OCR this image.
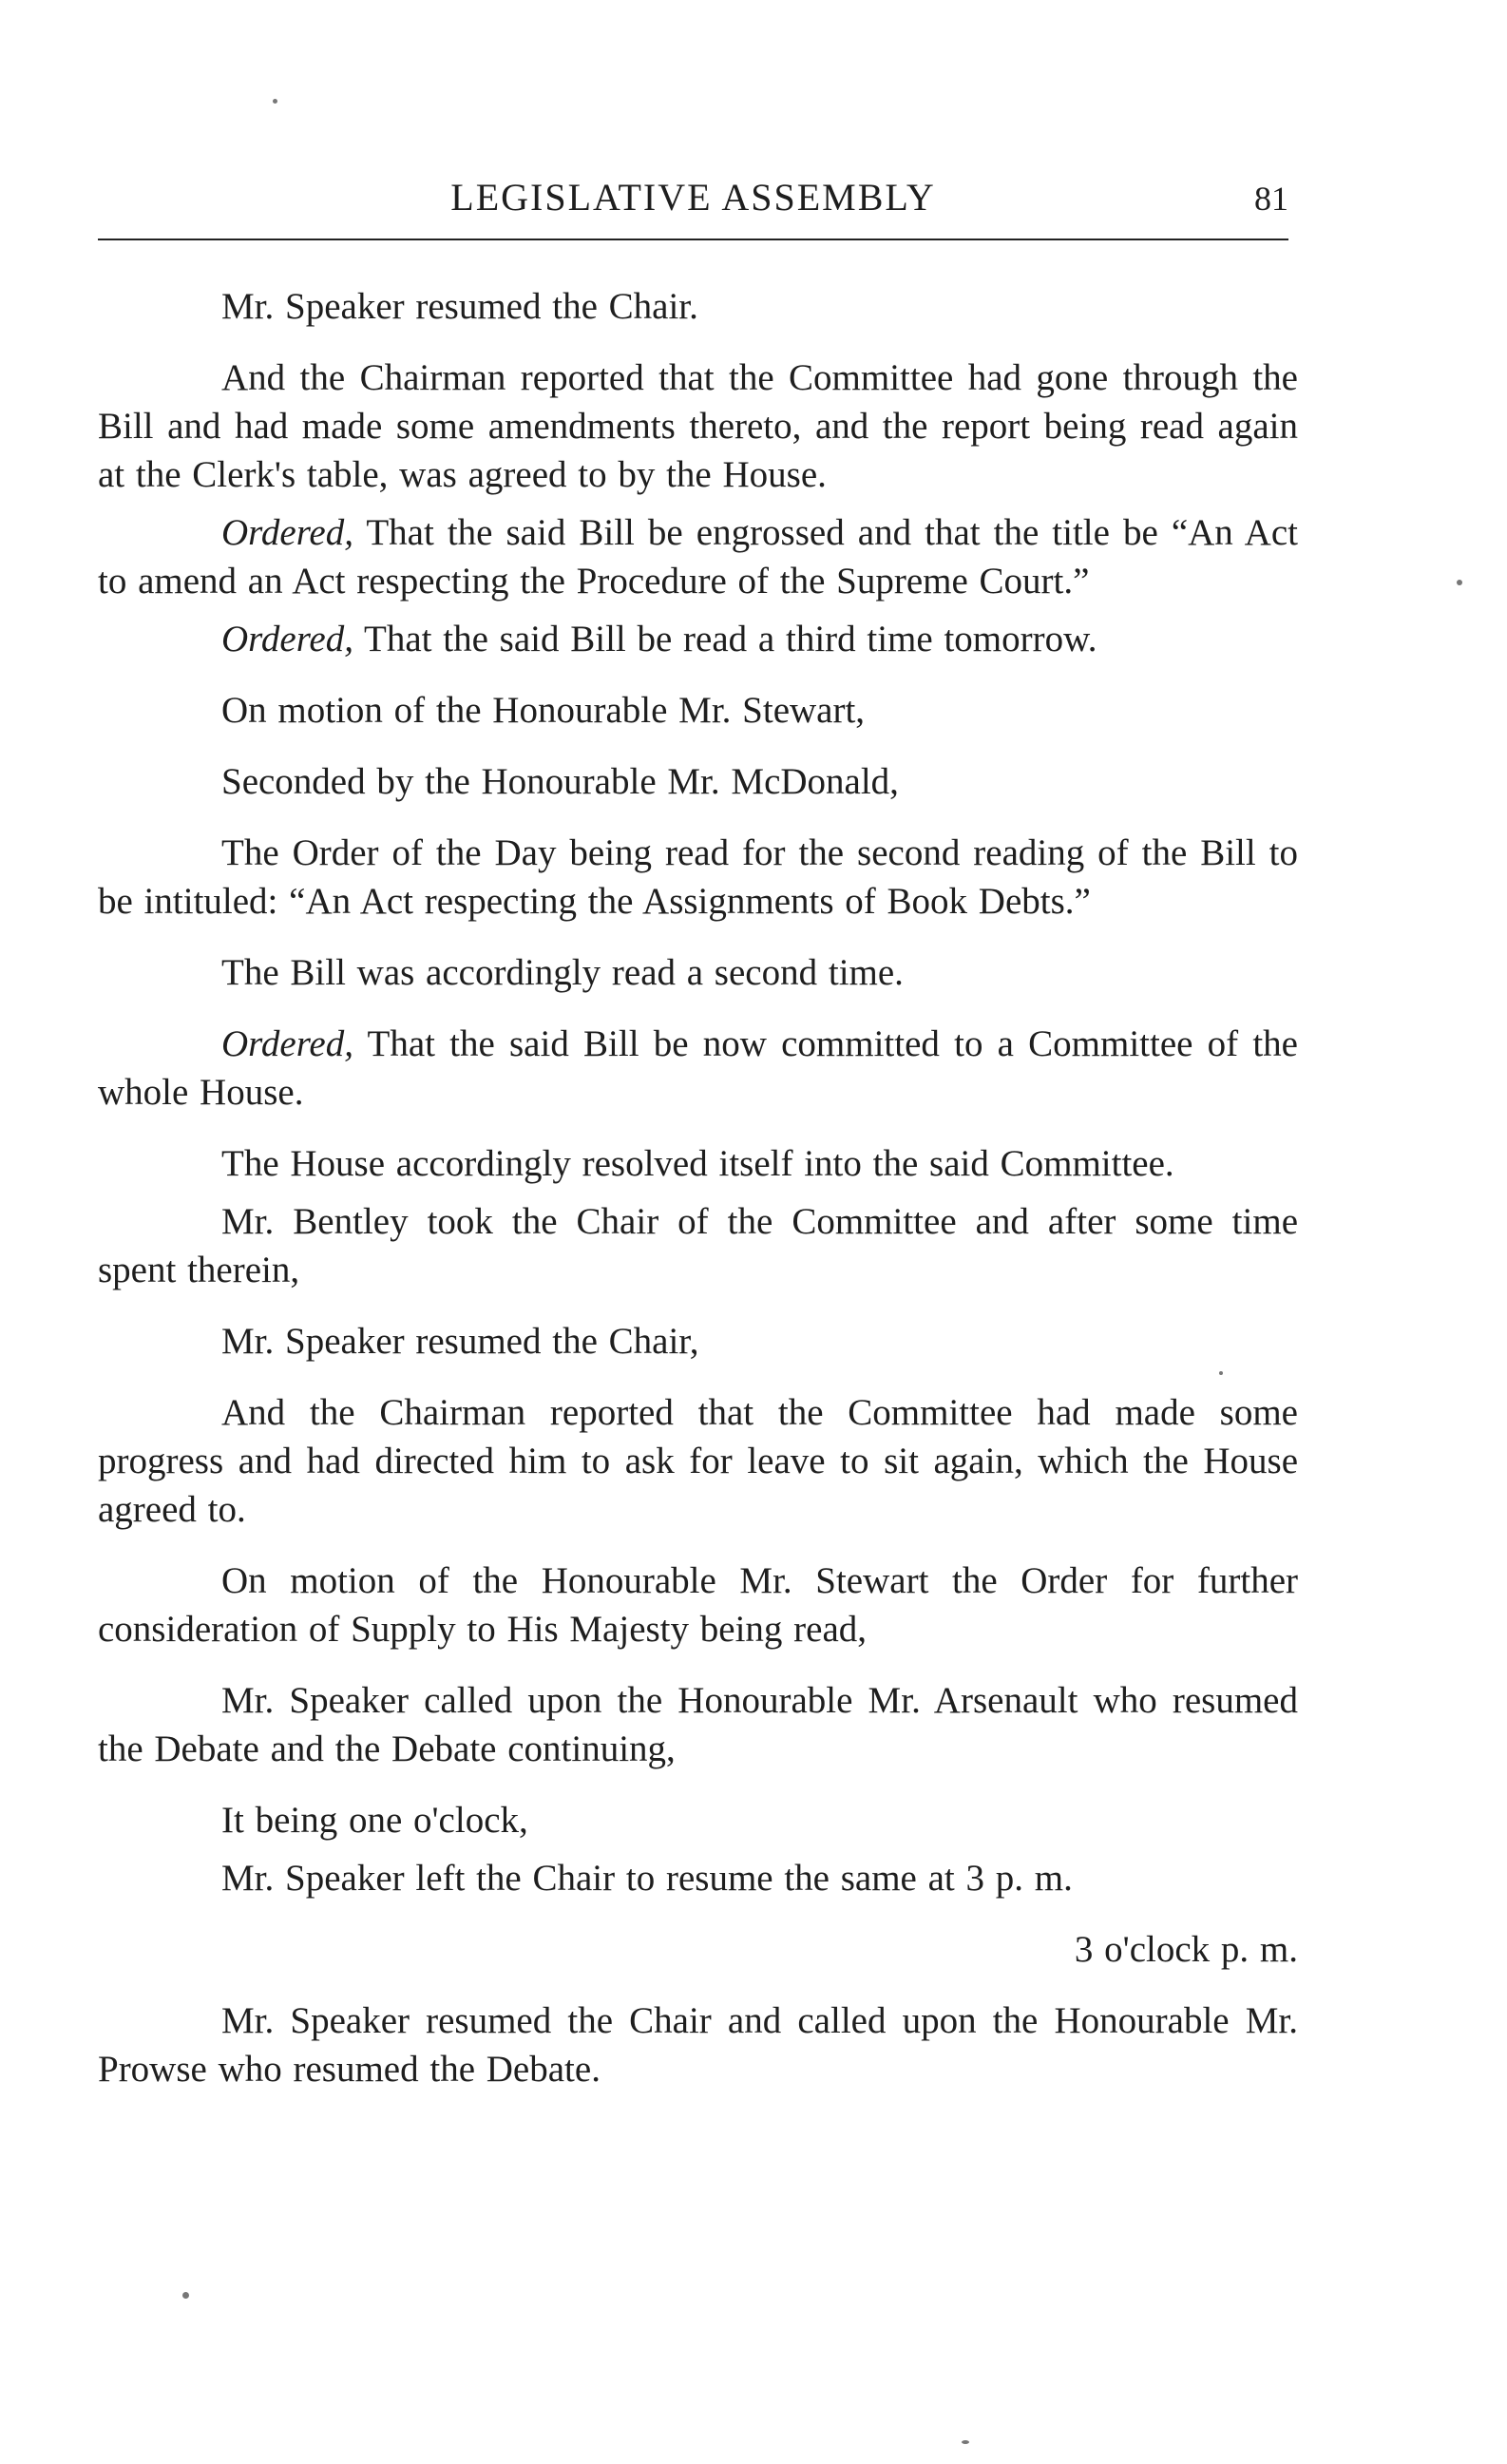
LEGISLATIVE ASSEMBLY	81

Mr. Speaker resumed the Chair.

And the Chairman reported that the Committee had gone through the Bill and had made some amendments thereto, and the report being read again at the Clerk's table, was agreed to by the House.

Ordered, That the said Bill be engrossed and that the title be “An Act to amend an Act respecting the Procedure of the Supreme Court.”

Ordered, That the said Bill be read a third time tomorrow.

On motion of the Honourable Mr. Stewart,

Seconded by the Honourable Mr. McDonald,

The Order of the Day being read for the second reading of the Bill to be intituled: “An Act respecting the Assignments of Book Debts.”

The Bill was accordingly read a second time.

Ordered, That the said Bill be now committed to a Committee of the whole House.

The House accordingly resolved itself into the said Committee.

Mr. Bentley took the Chair of the Committee and after some time spent therein,

Mr. Speaker resumed the Chair,

And the Chairman reported that the Committee had made some progress and had directed him to ask for leave to sit again, which the House agreed to.

On motion of the Honourable Mr. Stewart the Order for further consideration of Supply to His Majesty being read,

Mr. Speaker called upon the Honourable Mr. Arsenault who resumed the Debate and the Debate continuing,

It being one o'clock,

Mr. Speaker left the Chair to resume the same at 3 p. m.

3 o'clock p. m.

Mr. Speaker resumed the Chair and called upon the Honourable Mr. Prowse who resumed the Debate.
